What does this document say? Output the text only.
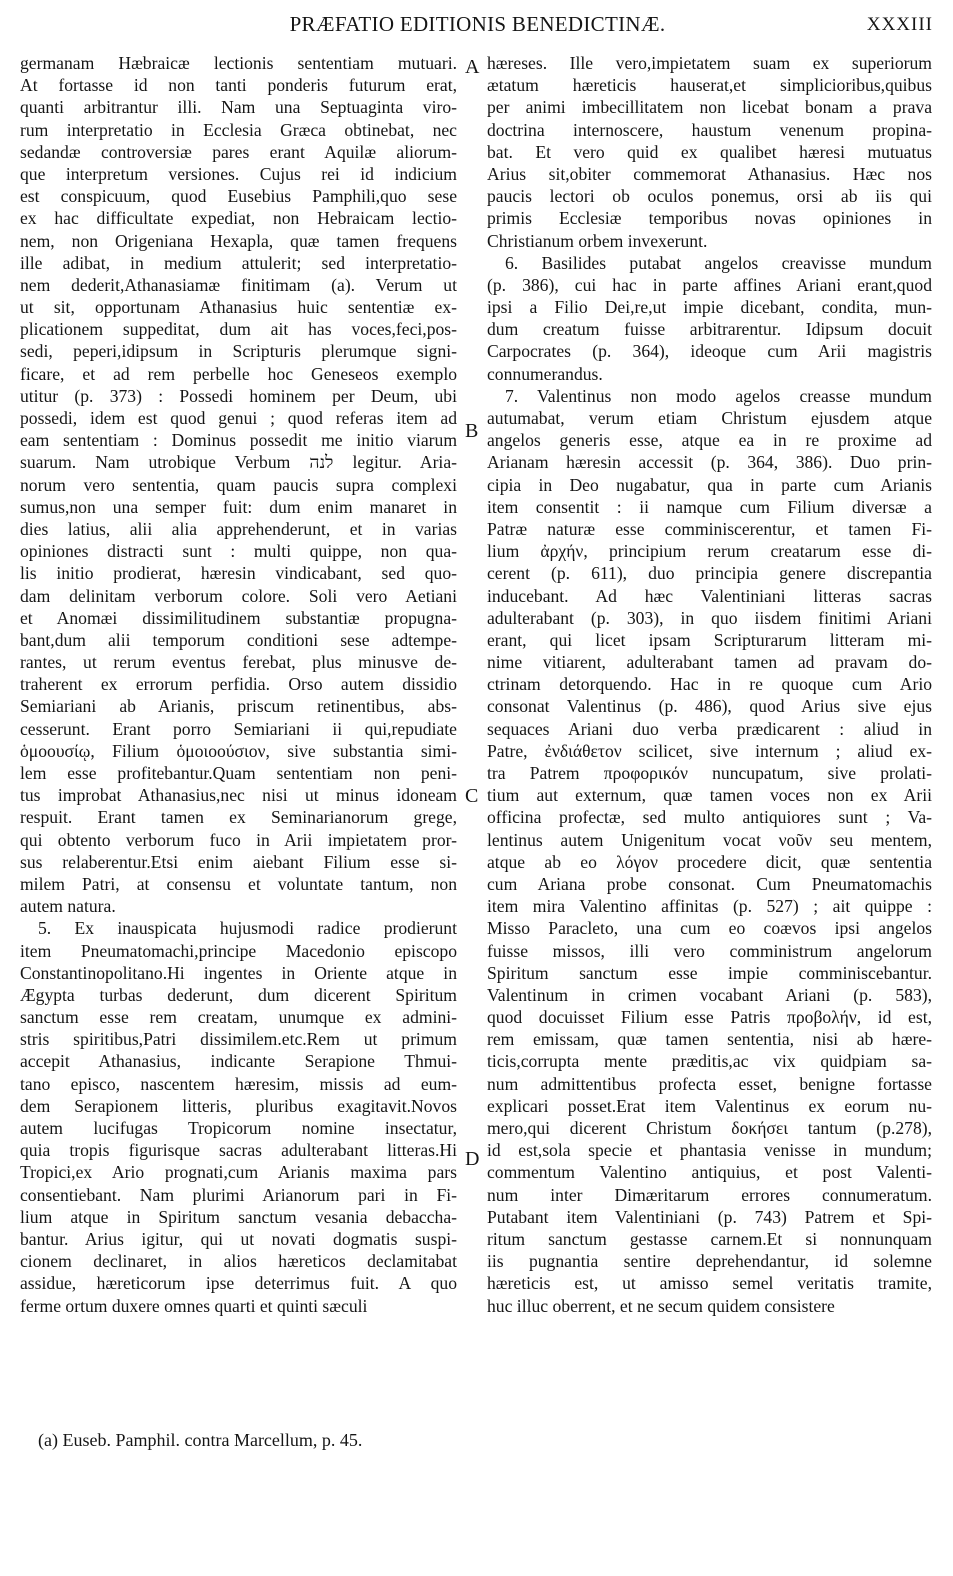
PRÆFATIO EDITIONIS BENEDICTINÆ.	XXXIII
germanam Hæbraicæ lectionis sententiam mutuari.
At fortasse id non tanti ponderis futurum erat,
quanti arbitrantur illi. Nam una Septuaginta viro-
rum interpretatio in Ecclesia Græca obtinebat, nec
sedandæ controversiæ pares erant Aquilæ aliorum-
que interpretum versiones. Cujus rei id indicium
est conspicuum, quod Eusebius Pamphili,quo sese
ex hac difficultate expediat, non Hebraicam lectio-
nem, non Origeniana Hexapla, quæ tamen frequens
ille adibat, in medium attulerit; sed interpretatio-
nem dederit,Athanasiamæ finitimam (a). Verum ut
ut sit, opportunam Athanasius huic sententiæ ex-
plicationem suppeditat, dum ait has voces,feci,pos-
sedi, peperi,idipsum in Scripturis plerumque signi-
ficare, et ad rem perbelle hoc Geneseos exemplo
utitur (p. 373) : Possedi hominem per Deum, ubi
possedi, idem est quod genui ; quod referas item ad
eam sententiam : Dominus possedit me initio viarum
suarum. Nam utrobique Verbum לנה legitur. Aria-
norum vero sententia, quam paucis supra complexi
sumus,non una semper fuit: dum enim manaret in
dies latius, alii alia apprehenderunt, et in varias
opiniones distracti sunt : multi quippe, non qua-
lis initio prodierat, hæresin vindicabant, sed quo-
dam delinitam verborum colore. Soli vero Aetiani
et Anomæi dissimilitudinem substantiæ propugna-
bant,dum alii temporum conditioni sese adtempe-
rantes, ut rerum eventus ferebat, plus minusve de-
traherent ex errorum perfidia. Orso autem dissidio
Semiariani ab Arianis, priscum retinentibus, abs-
cesserunt. Erant porro Semiariani ii qui,repudiate
ὁμοουσίῳ, Filium ὁμοιοούσιον, sive substantia simi-
lem esse profitebantur.Quam sententiam non peni-
tus improbat Athanasius,nec nisi ut minus idoneam
respuit. Erant tamen ex Seminarianorum grege,
qui obtento verborum fuco in Arii impietatem pror-
sus relaberentur.Etsi enim aiebant Filium esse si-
milem Patri, at consensu et voluntate tantum, non
autem natura.
5. Ex inauspicata hujusmodi radice prodierunt
item Pneumatomachi,principe Macedonio episcopo
Constantinopolitano.Hi ingentes in Oriente atque in
Ægypta turbas dederunt, dum dicerent Spiritum
sanctum esse rem creatam, unumque ex admini-
stris spiritibus,Patri dissimilem.etc.Rem ut primum
accepit Athanasius, indicante Serapione Thmui-
tano episco, nascentem hæresim, missis ad eum-
dem Serapionem litteris, pluribus exagitavit.Novos
autem lucifugas Tropicorum nomine insectatur,
quia tropis figurisque sacras adulterabant litteras.Hi
Tropici,ex Ario prognati,cum Arianis maxima pars
consentiebant. Nam plurimi Arianorum pari in Fi-
lium atque in Spiritum sanctum vesania debaccha-
bantur. Arius igitur, qui ut novati dogmatis suspi-
cionem declinaret, in alios hæreticos declamitabat
assidue, hæreticorum ipse deterrimus fuit. A quo
ferme ortum duxere omnes quarti et quinti sæculi
hæreses. Ille vero,impietatem suam ex superiorum
ætatum hæreticis hauserat,et simplicioribus,quibus
per animi imbecillitatem non licebat bonam a prava
doctrina internoscere, haustum venenum propina-
bat. Et vero quid ex qualibet hæresi mutuatus
Arius sit,obiter commemorat Athanasius. Hæc nos
paucis lectori ob oculos ponemus, orsi ab iis qui
primis Ecclesiæ temporibus novas opiniones in
Christianum orbem invexerunt.
6. Basilides putabat angelos creavisse mundum
(p. 386), cui hac in parte affines Ariani erant,quod
ipsi a Filio Dei,re,ut impie dicebant, condita, mun-
dum creatum fuisse arbitrarentur. Idipsum docuit
Carpocrates (p. 364), ideoque cum Arii magistris
connumerandus.
7. Valentinus non modo agelos creasse mundum
autumabat, verum etiam Christum ejusdem atque
angelos generis esse, atque ea in re proxime ad
Arianam hæresin accessit (p. 364, 386). Duo prin-
cipia in Deo nugabatur, qua in parte cum Arianis
item consentit : ii namque cum Filium diversæ a
Patræ naturæ esse comminiscerentur, et tamen Fi-
lium ἀρχήν, principium rerum creatarum esse di-
cerent (p. 611), duo principia genere discrepantia
inducebant. Ad hæc Valentiniani litteras sacras
adulterabant (p. 303), in quo iisdem finitimi Ariani
erant, qui licet ipsam Scripturarum litteram mi-
nime vitiarent, adulterabant tamen ad pravam do-
ctrinam detorquendo. Hac in re quoque cum Ario
consonat Valentinus (p. 486), quod Arius sive ejus
sequaces Ariani duo verba prædicarent : aliud in
Patre, ἐνδιάθετον scilicet, sive internum ; aliud ex-
tra Patrem προφορικόν nuncupatum, sive prolati-
tium aut externum, quæ tamen voces non ex Arii
officina profectæ, sed multo antiquiores sunt ; Va-
lentinus autem Unigenitum vocat νοῦν seu mentem,
atque ab eo λόγον procedere dicit, quæ sententia
cum Ariana probe consonat. Cum Pneumatomachis
item mira Valentino affinitas (p. 527) ; ait quippe :
Misso Paracleto, una cum eo coævos ipsi angelos
fuisse missos, illi vero comministrum angelorum
Spiritum sanctum esse impie comminiscebantur.
Valentinum in crimen vocabant Ariani (p. 583),
quod docuisset Filium esse Patris προβολήν, id est,
rem emissam, quæ tamen sententia, nisi ab hære-
ticis,corrupta mente præditis,ac vix quidpiam sa-
num admittentibus profecta esset, benigne fortasse
explicari posset.Erat item Valentinus ex eorum nu-
mero,qui dicerent Christum δοκήσει tantum (p.278),
id est,sola specie et phantasia venisse in mundum;
commentum Valentino antiquius, et post Valenti-
num inter Dimæritarum errores connumeratum.
Putabant item Valentiniani (p. 743) Patrem et Spi-
ritum sanctum gestasse carnem.Et si nonnunquam
iis pugnantia sentire deprehendantur, id solemne
hæreticis est, ut amisso semel veritatis tramite,
huc illuc oberrent, et ne secum quidem consistere
A
B
C
D
(a) Euseb. Pamphil. contra Marcellum, p. 45.
